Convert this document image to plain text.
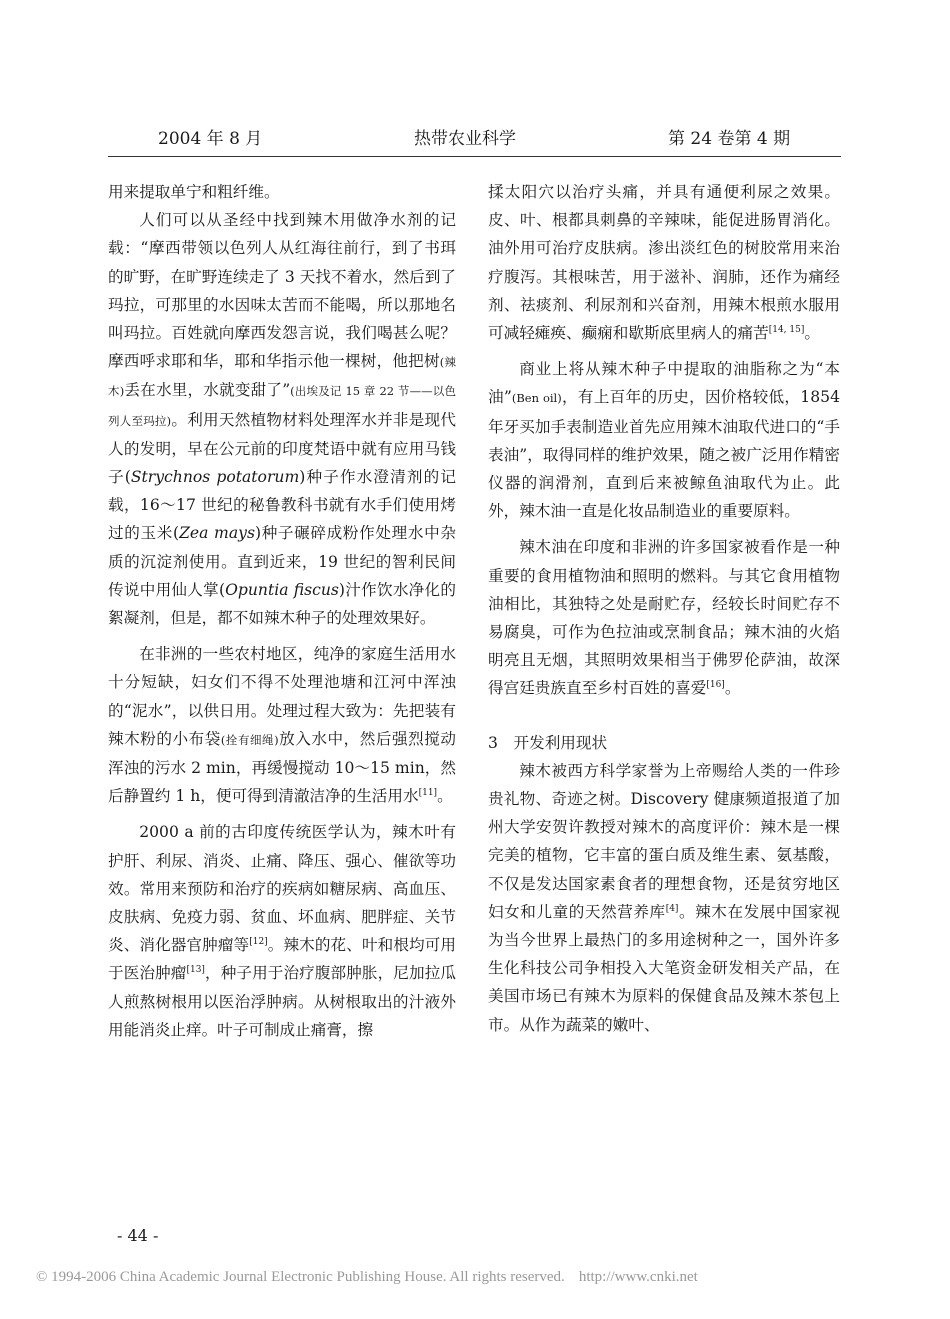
2004 年 8 月	热带农业科学	第 24 卷第 4 期

用来提取单宁和粗纤维。

人们可以从圣经中找到辣木用做净水剂的记载：“摩西带领以色列人从红海往前行，到了书珥的旷野，在旷野连续走了 3 天找不着水，然后到了玛拉，可那里的水因味太苦而不能喝，所以那地名叫玛拉。百姓就向摩西发怨言说，我们喝甚么呢？摩西呼求耶和华，耶和华指示他一棵树，他把树(辣木)丢在水里，水就变甜了”(出埃及记 15 章 22 节——以色列人至玛拉)。利用天然植物材料处理浑水并非是现代人的发明，早在公元前的印度梵语中就有应用马钱子(Strychnos potatorum)种子作水澄清剂的记载，16～17 世纪的秘鲁教科书就有水手们使用烤过的玉米(Zea mays)种子碾碎成粉作处理水中杂质的沉淀剂使用。直到近来，19 世纪的智利民间传说中用仙人掌(Opuntia fiscus)汁作饮水净化的絮凝剂，但是，都不如辣木种子的处理效果好。

在非洲的一些农村地区，纯净的家庭生活用水十分短缺，妇女们不得不处理池塘和江河中浑浊的“泥水”，以供日用。处理过程大致为：先把装有辣木粉的小布袋(拴有细绳)放入水中，然后强烈搅动浑浊的污水 2 min，再缓慢搅动 10～15 min，然后静置约 1 h，便可得到清澈洁净的生活用水[11]。

2000 a 前的古印度传统医学认为，辣木叶有护肝、利尿、消炎、止痛、降压、强心、催欲等功效。常用来预防和治疗的疾病如糖尿病、高血压、皮肤病、免疫力弱、贫血、坏血病、肥胖症、关节炎、消化器官肿瘤等[12]。辣木的花、叶和根均可用于医治肿瘤[13]，种子用于治疗腹部肿胀，尼加拉瓜人煎熬树根用以医治浮肿病。从树根取出的汁液外用能消炎止痒。叶子可制成止痛膏，擦

揉太阳穴以治疗头痛，并具有通便利尿之效果。皮、叶、根都具刺鼻的辛辣味，能促进肠胃消化。油外用可治疗皮肤病。渗出淡红色的树胶常用来治疗腹泻。其根味苦，用于滋补、润肺，还作为痛经剂、祛痰剂、利尿剂和兴奋剂，用辣木根煎水服用可减轻瘫痪、癫痫和歇斯底里病人的痛苦[14, 15]。

商业上将从辣木种子中提取的油脂称之为“本油”(Ben oil)，有上百年的历史，因价格较低，1854 年牙买加手表制造业首先应用辣木油取代进口的“手表油”，取得同样的维护效果，随之被广泛用作精密仪器的润滑剂，直到后来被鲸鱼油取代为止。此外，辣木油一直是化妆品制造业的重要原料。

辣木油在印度和非洲的许多国家被看作是一种重要的食用植物油和照明的燃料。与其它食用植物油相比，其独特之处是耐贮存，经较长时间贮存不易腐臭，可作为色拉油或烹制食品；辣木油的火焰明亮且无烟，其照明效果相当于佛罗伦萨油，故深得宫廷贵族直至乡村百姓的喜爱[16]。

3　开发利用现状

辣木被西方科学家誉为上帝赐给人类的一件珍贵礼物、奇迹之树。Discovery 健康频道报道了加州大学安贺许教授对辣木的高度评价：辣木是一棵完美的植物，它丰富的蛋白质及维生素、氨基酸，不仅是发达国家素食者的理想食物，还是贫穷地区妇女和儿童的天然营养库[4]。辣木在发展中国家视为当今世界上最热门的多用途树种之一，国外许多生化科技公司争相投入大笔资金研发相关产品，在美国市场已有辣木为原料的保健食品及辣木茶包上市。从作为蔬菜的嫩叶、

- 44 -
© 1994-2006 China Academic Journal Electronic Publishing House. All rights reserved. http://www.cnki.net
